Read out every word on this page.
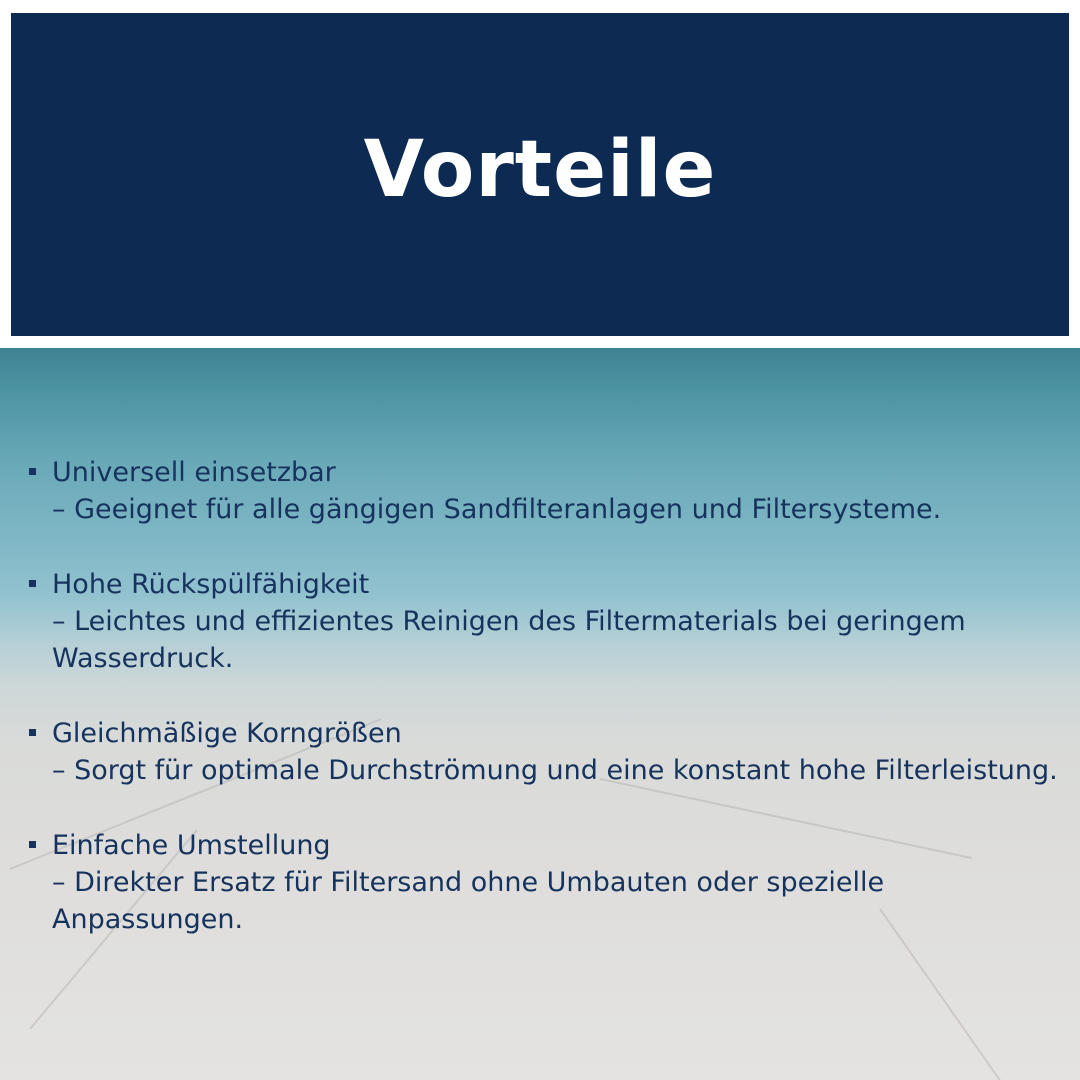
Vorteile
Universell einsetzbar
– Geeignet für alle gängigen Sandfilteranlagen und Filtersysteme.
Hohe Rückspülfähigkeit
– Leichtes und effizientes Reinigen des Filtermaterials bei geringem Wasserdruck.
Gleichmäßige Korngrößen
– Sorgt für optimale Durchströmung und eine konstant hohe Filterleistung.
Einfache Umstellung
– Direkter Ersatz für Filtersand ohne Umbauten oder spezielle Anpassungen.
